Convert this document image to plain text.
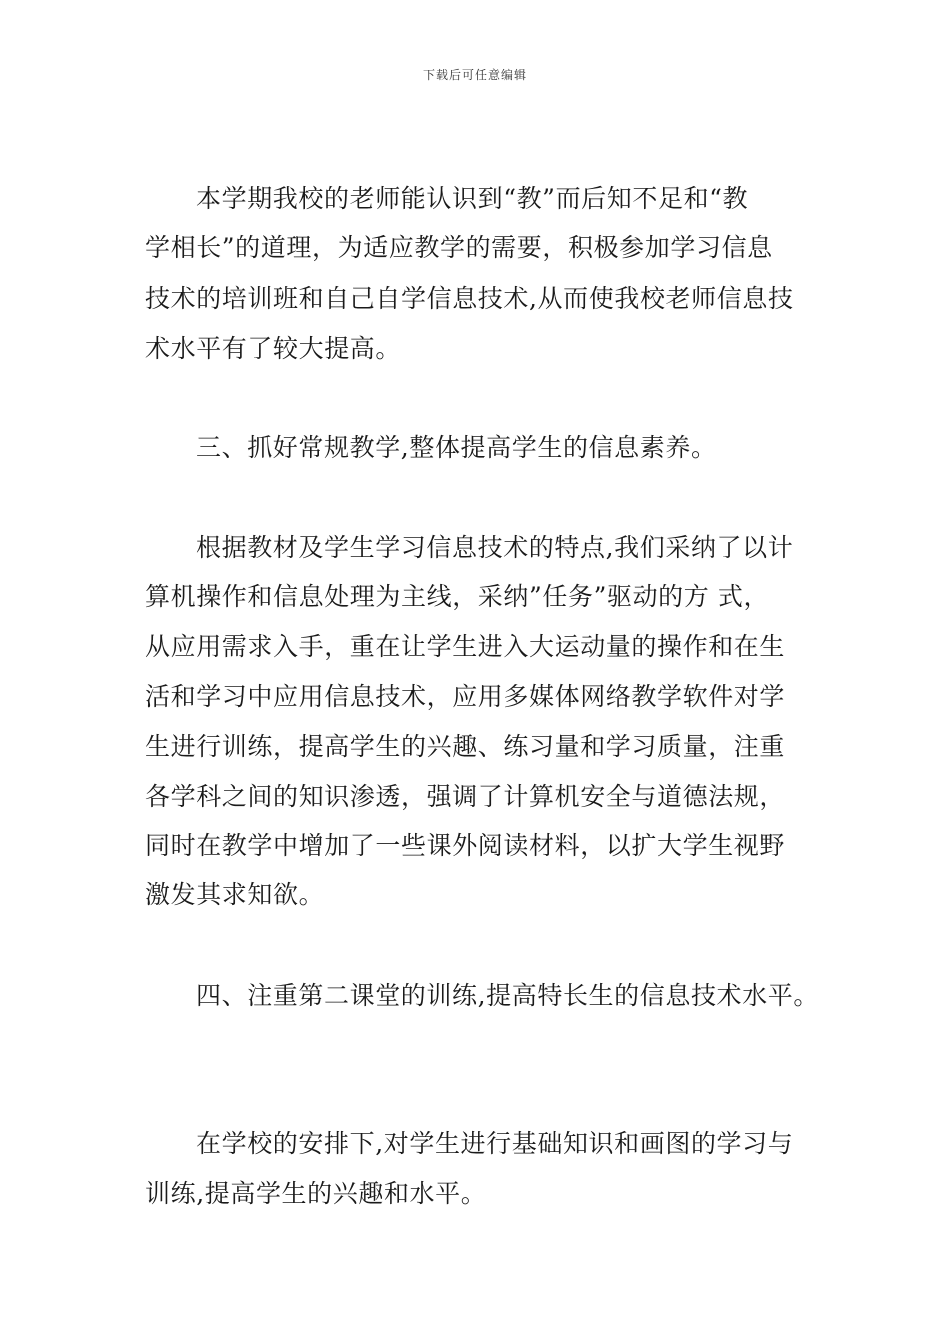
下载后可任意编辑
本学期我校的老师能认识到“教”而后知不足和“教
学相长”的道理，为适应教学的需要，积极参加学习信息
技术的培训班和自己自学信息技术,从而使我校老师信息技
术水平有了较大提高。
三、抓好常规教学,整体提高学生的信息素养。
根据教材及学生学习信息技术的特点,我们采纳了以计
算机操作和信息处理为主线，采纳”任务”驱动的方 式，
从应用需求入手，重在让学生进入大运动量的操作和在生
活和学习中应用信息技术，应用多媒体网络教学软件对学
生进行训练，提高学生的兴趣、练习量和学习质量，注重
各学科之间的知识渗透，强调了计算机安全与道德法规，
同时在教学中增加了一些课外阅读材料，以扩大学生视野
激发其求知欲。
四、注重第二课堂的训练,提高特长生的信息技术水平。
在学校的安排下,对学生进行基础知识和画图的学习与
训练,提高学生的兴趣和水平。
